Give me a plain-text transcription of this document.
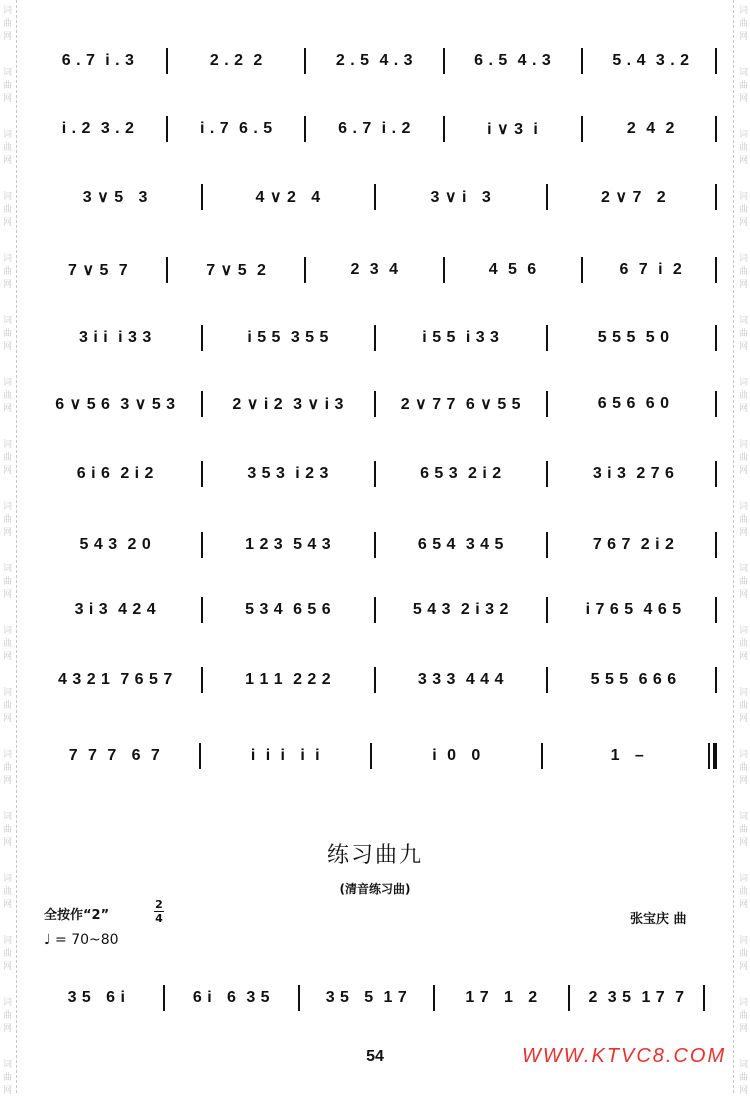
词
曲
网
词
曲
网
词
曲
网
词
曲
网
词
曲
网
词
曲
网
词
曲
网
词
曲
网
词
曲
网
词
曲
网
词
曲
网
词
曲
网
词
曲
网
词
曲
网
词
曲
网
词
曲
网
词
曲
网
词
曲
网
词
曲
网
词
曲
网
词
曲
网
词
曲
网
词
曲
网
词
曲
网
词
曲
网
词
曲
网
词
曲
网
词
曲
网
词
曲
网
词
曲
网
词
曲
网
词
曲
网
词
曲
网
词
曲
网
词
曲
网
词
曲
网
6 . 7  i . 3	2 . 2  2	2 . 5  4 . 3	6 . 5  4 . 3	5 . 4  3 . 2
i . 2  3 . 2	i . 7  6 . 5	6 . 7  i . 2	i ∨ 3  i	2  4  2
3 ∨ 5   3	4 ∨ 2   4	3 ∨ i   3	2 ∨ 7   2
7 ∨ 5  7	7 ∨ 5  2	2  3  4	4  5  6	6  7  i  2
3 i i  i 3 3	i 5 5  3 5 5	i 5 5  i 3 3	5 5 5  5 0
6 ∨ 5 6  3 ∨ 5 3	2 ∨ i 2  3 ∨ i 3	2 ∨ 7 7  6 ∨ 5 5	6 5 6  6 0
6 i 6  2 i 2	3 5 3  i 2 3	6 5 3  2 i 2	3 i 3  2 7 6
5 4 3  2 0	1 2 3  5 4 3	6 5 4  3 4 5	7 6 7  2 i 2
3 i 3  4 2 4	5 3 4  6 5 6	5 4 3  2 i 3 2	i 7 6 5  4 6 5
4 3 2 1  7 6 5 7	1 1 1  2 2 2	3 3 3  4 4 4	5 5 5  6 6 6
7  7  7   6  7	i  i  i   i  i	i  0   0	1   –
练习曲九
(清音练习曲)
全按作“2”
2
4	张宝庆 曲
♩ = 70~80
3 5   6 i	6 i   6  3 5	3 5   5  1 7	1 7   1   2	2  3 5  1 7  7
54	WWW.KTVC8.COM
